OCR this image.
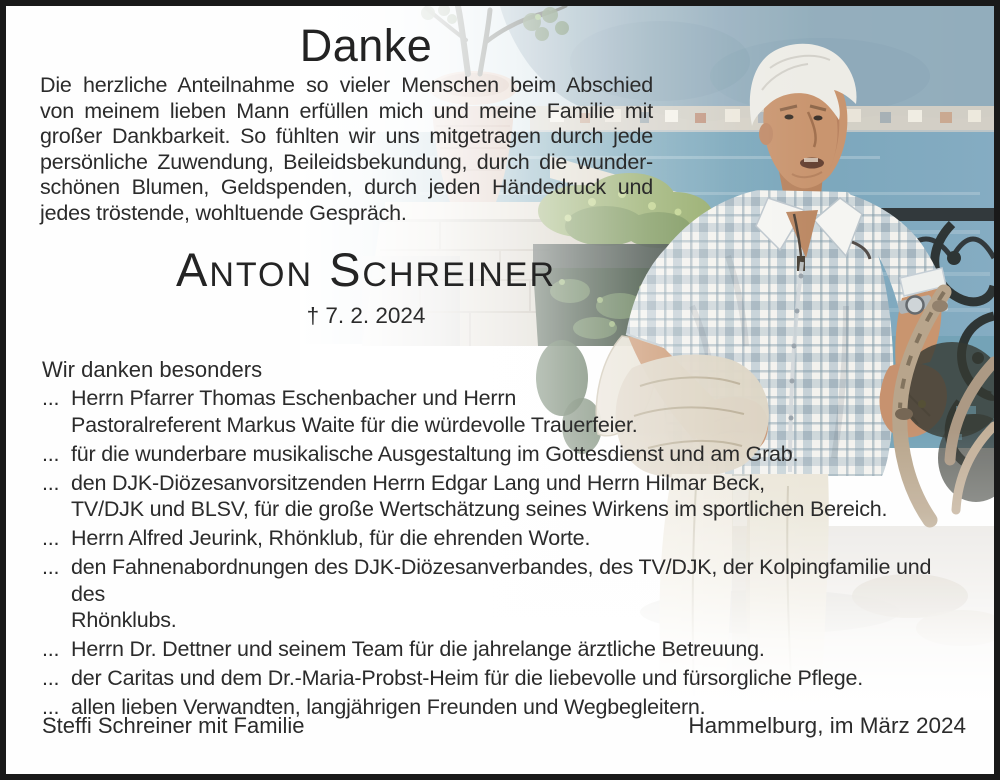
Danke
Die herzliche Anteilnahme so vieler Menschen beim Abschied
von meinem lieben Mann erfüllen mich und meine Familie mit
großer Dankbarkeit. So fühlten wir uns mitgetragen durch jede
persönliche Zuwendung, Beileidsbekundung, durch die wunder-
schönen Blumen, Geldspenden, durch jeden Händedruck und
jedes tröstende, wohltuende Gespräch.
ANTON SCHREINER
† 7. 2. 2024
Wir danken besonders
... Herrn Pfarrer Thomas Eschenbacher und Herrn
Pastoralreferent Markus Waite für die würdevolle Trauerfeier.
... für die wunderbare musikalische Ausgestaltung im Gottesdienst und am Grab.
... den DJK-Diözesanvorsitzenden Herrn Edgar Lang und Herrn Hilmar Beck,
TV/DJK und BLSV, für die große Wertschätzung seines Wirkens im sportlichen Bereich.
... Herrn Alfred Jeurink, Rhönklub, für die ehrenden Worte.
... den Fahnenabordnungen des DJK-Diözesanverbandes, des TV/DJK, der Kolpingfamilie und des
Rhönklubs.
... Herrn Dr. Dettner und seinem Team für die jahrelange ärztliche Betreuung.
... der Caritas und dem Dr.-Maria-Probst-Heim für die liebevolle und fürsorgliche Pflege.
... allen lieben Verwandten, langjährigen Freunden und Wegbegleitern.
Steffi Schreiner mit Familie	Hammelburg, im März 2024
